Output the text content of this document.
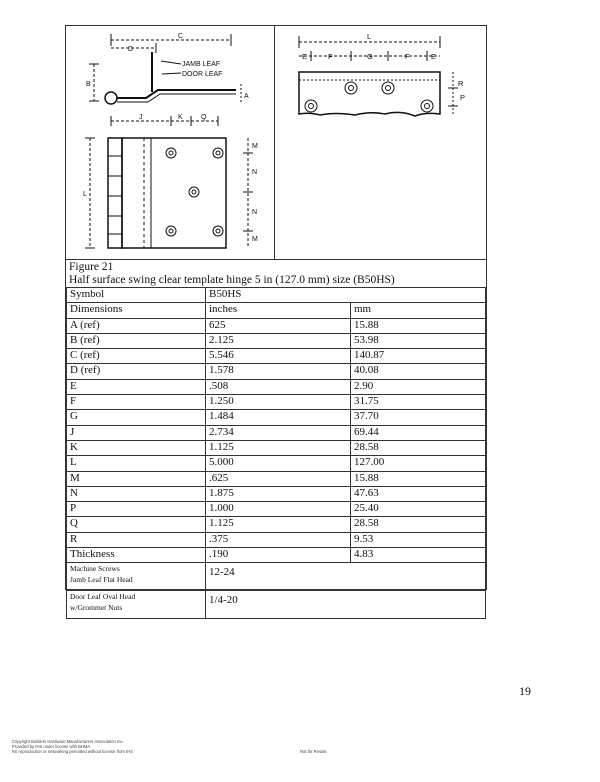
C
D
B
JAMB LEAF
DOOR LEAF
A
J	K	Q
L
M
N
N
M
L
E	F	G	F	E
R
P
Figure 21
Half surface swing clear template hinge 5 in (127.0 mm) size (B50HS)
Symbol	B50HS	
Dimensions	inches	mm
A (ref)	625	15.88
B (ref)	2.125	53.98
C (ref)	5.546	140.87
D (ref)	1.578	40.08
E	.508	2.90
F	1.250	31.75
G	1.484	37.70
J	2.734	69.44
K	1.125	28.58
L	5.000	127.00
M	.625	15.88
N	1.875	47.63
P	1.000	25.40
Q	1.125	28.58
R	.375	9.53
Thickness	.190	4.83

Machine Screws
Jamb Leaf Flat Head	12-24	

Door Leaf Oval Head
w/Grommet Nuts	1/4-20	
19
Copyright Builders Hardware Manufacturers Association Inc.
Provided by IHS under license with BHMA
No reproduction or networking permitted without license from IHS	Not for Resale
